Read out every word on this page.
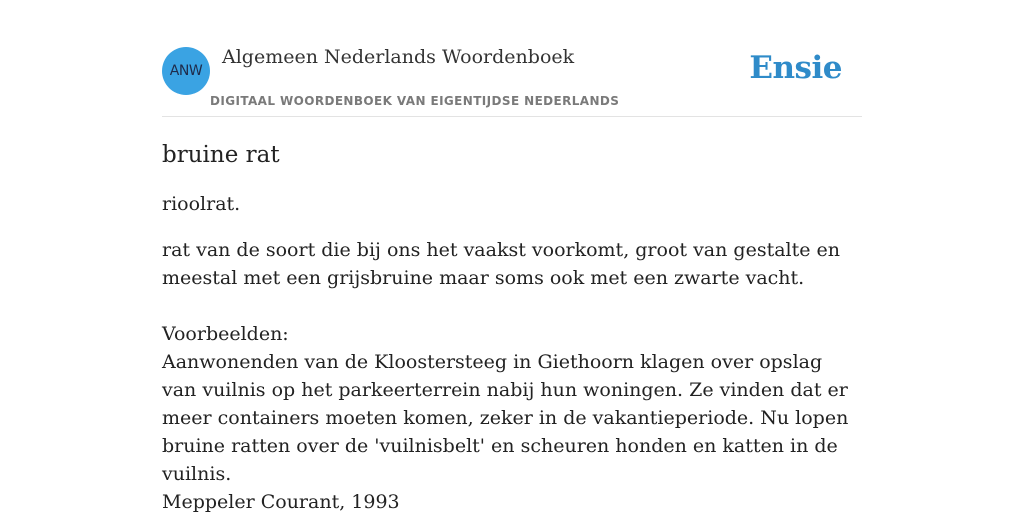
ANW
Algemeen Nederlands Woordenboek
DIGITAAL WOORDENBOEK VAN EIGENTIJDSE NEDERLANDS
Ensie
bruine rat

rioolrat.

rat van de soort die bij ons het vaakst voorkomt, groot van gestalte en meestal met een grijsbruine maar soms ook met een zwarte vacht.

Voorbeelden:

Aanwonenden van de Kloostersteeg in Giethoorn klagen over opslag van vuilnis op het parkeerterrein nabij hun woningen. Ze vinden dat er meer containers moeten komen, zeker in de vakantieperiode. Nu lopen bruine ratten over de 'vuilnisbelt' en scheuren honden en katten in de vuilnis.

Meppeler Courant, 1993
